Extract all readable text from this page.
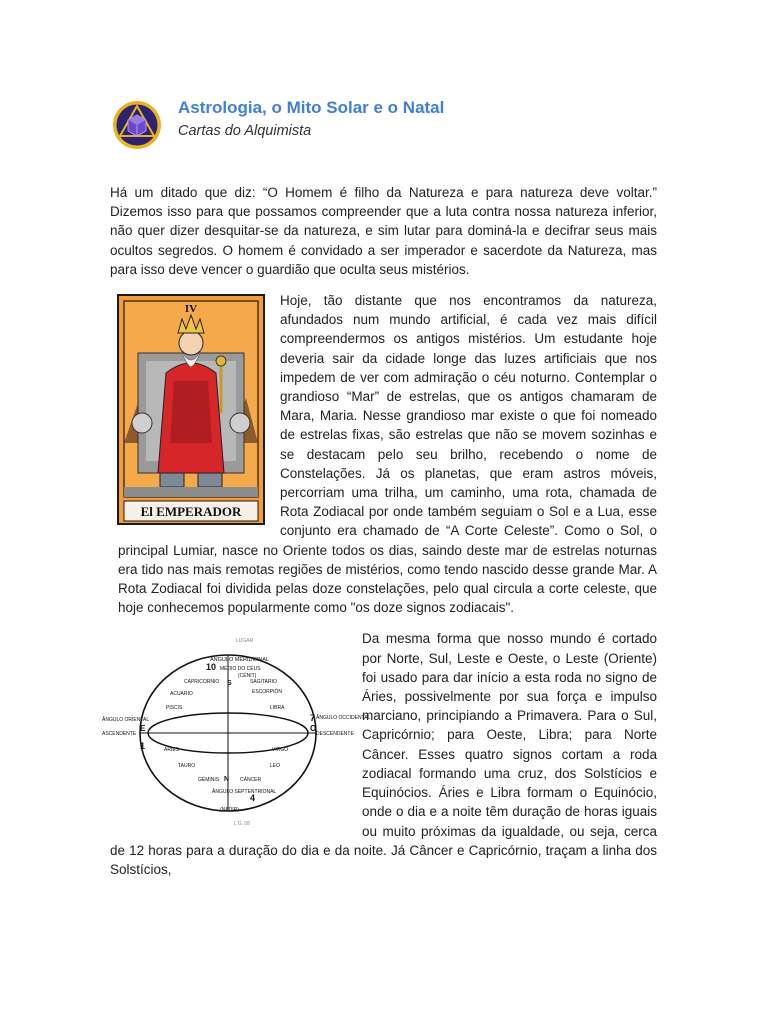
Astrologia, o Mito Solar e o Natal

Cartas do Alquimista

Há um ditado que diz: “O Homem é filho da Natureza e para natureza deve voltar.” Dizemos isso para que possamos compreender que a luta contra nossa natureza inferior, não quer dizer desquitar-se da natureza, e sim lutar para dominá-la e decifrar seus mais ocultos segredos. O homem é convidado a ser imperador e sacerdote da Natureza, mas para isso deve vencer o guardião que oculta seus mistérios.

IV
El EMPERADOR

Hoje, tão distante que nos encontramos da natureza, afundados num mundo artificial, é cada vez mais difícil compreendermos os antigos mistérios. Um estudante hoje deveria sair da cidade longe das luzes artificiais que nos impedem de ver com admiração o céu noturno. Contemplar o grandioso “Mar” de estrelas, que os antigos chamaram de Mara, Maria. Nesse grandioso mar existe o que foi nomeado de estrelas fixas, são estrelas que não se movem sozinhas e se destacam pelo seu brilho, recebendo o nome de Constelações. Já os planetas, que eram astros móveis, percorriam uma trilha, um caminho, uma rota, chamada de Rota Zodiacal por onde também seguiam o Sol e a Lua, esse conjunto era chamado de “A Corte Celeste”. Como o Sol, o principal Lumiar, nasce no Oriente todos os dias, saindo deste mar de estrelas noturnas era tido nas mais remotas regiões de mistérios, como tendo nascido desse grande Mar. A Rota Zodiacal foi dividida pelas doze constelações, pelo qual circula a corte celeste, que hoje conhecemos popularmente como "os doze signos zodiacais".

LUGAR
ÂNGULO MERIDIONAL
10 MÉDIO DO CÉUS
(CÉNIT)
S
ACUARIO	ESCORPIÓN
CAPRICORNIO	SAGITARIO
PISCIS	LIBRA
ÂNGULO ORIENTAL
ASCENDENTE
E
1
O
7 ÂNGULO OCCIDENTAL
DESCENDENTE
ÁRIES	VIRGO
TAURO	LEO
GÉMINIS	CÁNCER
N
4
ÂNGULO SEPTENTRIONAL
(NADIR)
L'G. 08

Da mesma forma que nosso mundo é cortado por Norte, Sul, Leste e Oeste, o Leste (Oriente) foi usado para dar início a esta roda no signo de Áries, possivelmente por sua força e impulso marciano, principiando a Primavera. Para o Sul, Capricórnio; para Oeste, Libra; para Norte Câncer. Esses quatro signos cortam a roda zodiacal formando uma cruz, dos Solstícios e Equinócios. Áries e Libra formam o Equinócio, onde o dia e a noite têm duração de horas iguais ou muito próximas da igualdade, ou seja, cerca de 12 horas para a duração do dia e da noite. Já Câncer e Capricórnio, traçam a linha dos Solstícios,
